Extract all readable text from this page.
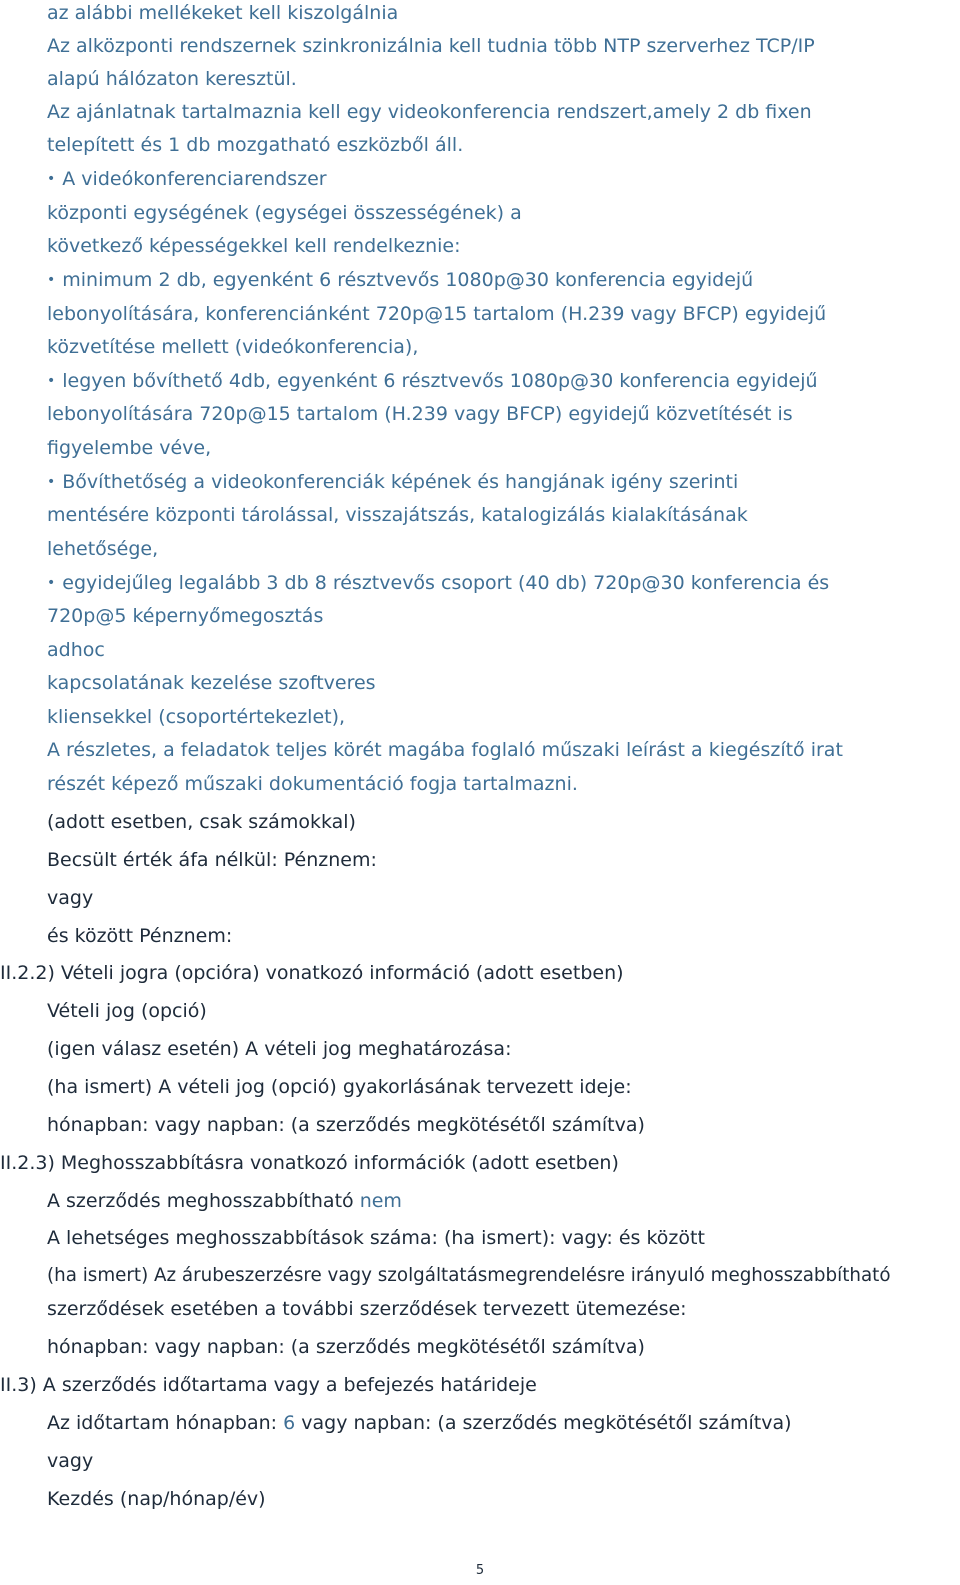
az alábbi mellékeket kell kiszolgálnia
Az alközponti rendszernek szinkronizálnia kell tudnia több NTP szerverhez TCP/IP
alapú hálózaton keresztül.
Az ajánlatnak tartalmaznia kell egy videokonferencia rendszert,amely 2 db fixen
telepített és 1 db mozgatható eszközből áll.
• A videókonferenciarendszer
központi egységének (egységei összességének) a
következő képességekkel kell rendelkeznie:
• minimum 2 db, egyenként 6 résztvevős 1080p@30 konferencia egyidejű
lebonyolítására, konferenciánként 720p@15 tartalom (H.239 vagy BFCP) egyidejű
közvetítése mellett (videókonferencia),
• legyen bővíthető 4db, egyenként 6 résztvevős 1080p@30 konferencia egyidejű
lebonyolítására 720p@15 tartalom (H.239 vagy BFCP) egyidejű közvetítését is
figyelembe véve,
• Bővíthetőség a videokonferenciák képének és hangjának igény szerinti
mentésére központi tárolással, visszajátszás, katalogizálás kialakításának
lehetősége,
• egyidejűleg legalább 3 db 8 résztvevős csoport (40 db) 720p@30 konferencia és
720p@5 képernyőmegosztás
adhoc
kapcsolatának kezelése szoftveres
kliensekkel (csoportértekezlet),
A részletes, a feladatok teljes körét magába foglaló műszaki leírást a kiegészítő irat
részét képező műszaki dokumentáció fogja tartalmazni.
(adott esetben, csak számokkal)
Becsült érték áfa nélkül: Pénznem:
vagy
és között Pénznem:
II.2.2) Vételi jogra (opcióra) vonatkozó információ (adott esetben)
Vételi jog (opció)
(igen válasz esetén) A vételi jog meghatározása:
(ha ismert) A vételi jog (opció) gyakorlásának tervezett ideje:
hónapban: vagy napban: (a szerződés megkötésétől számítva)
II.2.3) Meghosszabbításra vonatkozó információk (adott esetben)
A szerződés meghosszabbítható nem
A lehetséges meghosszabbítások száma: (ha ismert): vagy: és között
(ha ismert) Az árubeszerzésre vagy szolgáltatásmegrendelésre irányuló meghosszabbítható
szerződések esetében a további szerződések tervezett ütemezése:
hónapban: vagy napban: (a szerződés megkötésétől számítva)
II.3) A szerződés időtartama vagy a befejezés határideje
Az időtartam hónapban: 6 vagy napban: (a szerződés megkötésétől számítva)
vagy
Kezdés (nap/hónap/év)
5
